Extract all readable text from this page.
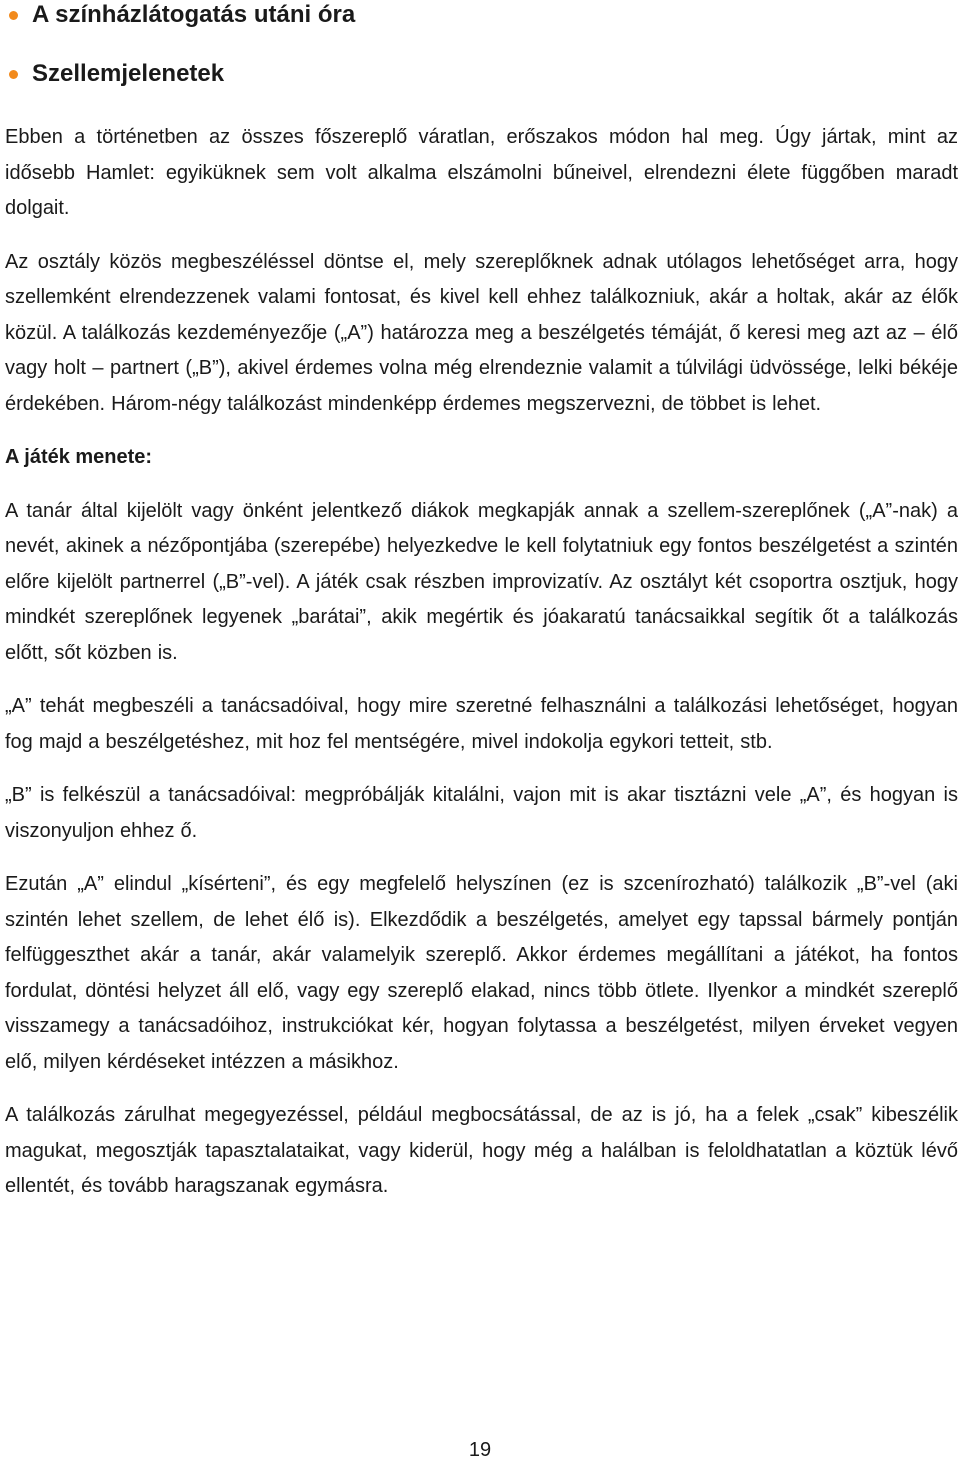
A színházlátogatás utáni óra
Szellemjelenetek

Ebben a történetben az összes főszereplő váratlan, erőszakos módon hal meg. Úgy jártak, mint az idősebb Hamlet: egyiküknek sem volt alkalma elszámolni bűneivel, elrendezni élete függőben maradt dolgait.

Az osztály közös megbeszéléssel döntse el, mely szereplőknek adnak utólagos lehetőséget arra, hogy szellemként elrendezzenek valami fontosat, és kivel kell ehhez találkozniuk, akár a holtak, akár az élők közül. A találkozás kezdeményezője („A”) határozza meg a beszélgetés témáját, ő keresi meg azt az – élő vagy holt – partnert („B”), akivel érdemes volna még elrendeznie valamit a túlvilági üdvössége, lelki békéje érdekében. Három-négy találkozást mindenképp érdemes megszervezni, de többet is lehet.

A játék menete:

A tanár által kijelölt vagy önként jelentkező diákok megkapják annak a szellem-szereplőnek („A”-nak) a nevét, akinek a nézőpontjába (szerepébe) helyezkedve le kell folytatniuk egy fontos beszélgetést a szintén előre kijelölt partnerrel („B”-vel). A játék csak részben improvizatív. Az osztályt két csoportra osztjuk, hogy mindkét szereplőnek legyenek „barátai”, akik megértik és jóakaratú tanácsaikkal segítik őt a találkozás előtt, sőt közben is.

„A” tehát megbeszéli a tanácsadóival, hogy mire szeretné felhasználni a találkozási lehetőséget, hogyan fog majd a beszélgetéshez, mit hoz fel mentségére, mivel indokolja egykori tetteit, stb.

„B” is felkészül a tanácsadóival: megpróbálják kitalálni, vajon mit is akar tisztázni vele „A”, és hogyan is viszonyuljon ehhez ő.

Ezután „A” elindul „kísérteni”, és egy megfelelő helyszínen (ez is szcenírozható) találkozik „B”-vel (aki szintén lehet szellem, de lehet élő is). Elkezdődik a beszélgetés, amelyet egy tapssal bármely pontján felfüggeszthet akár a tanár, akár valamelyik szereplő. Akkor érdemes megállítani a játékot, ha fontos fordulat, döntési helyzet áll elő, vagy egy szereplő elakad, nincs több ötlete. Ilyenkor a mindkét szereplő visszamegy a tanácsadóihoz, instrukciókat kér, hogyan folytassa a beszélgetést, milyen érveket vegyen elő, milyen kérdéseket intézzen a másikhoz.

A találkozás zárulhat megegyezéssel, például megbocsátással, de az is jó, ha a felek „csak” kibeszélik magukat, megosztják tapasztalataikat, vagy kiderül, hogy még a halálban is feloldhatatlan a köztük lévő ellentét, és tovább haragszanak egymásra.

19
